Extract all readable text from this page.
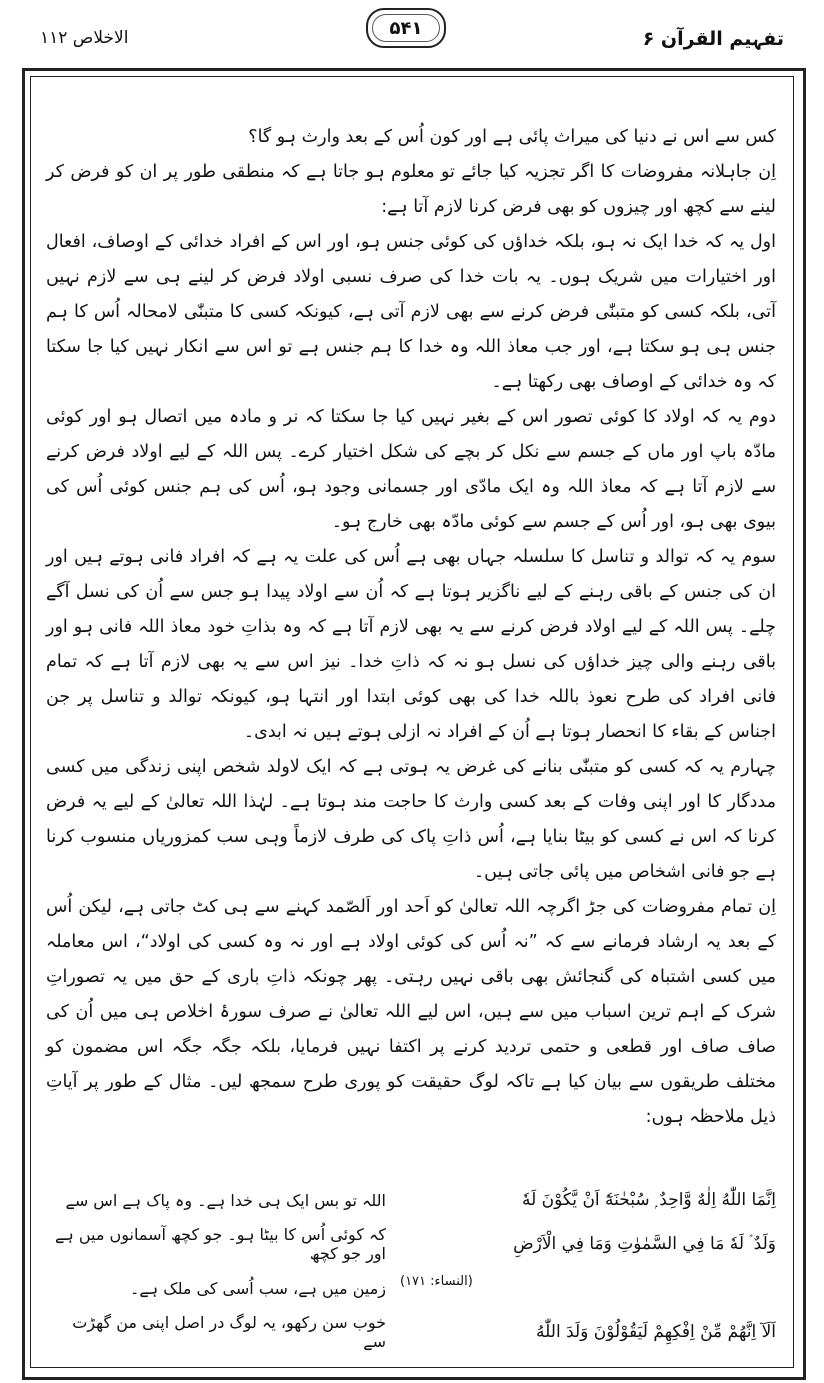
الاخلاص ۱۱۲	۵۴۱	تفہیم القرآن ۶

کس سے اس نے دنیا کی میراث پائی ہے اور کون اُس کے بعد وارث ہو گا؟

اِن جاہلانہ مفروضات کا اگر تجزیہ کیا جائے تو معلوم ہو جاتا ہے کہ منطقی طور پر ان کو فرض کر لینے سے کچھ اور چیزوں کو بھی فرض کرنا لازم آتا ہے:

اول یہ کہ خدا ایک نہ ہو، بلکہ خداؤں کی کوئی جنس ہو، اور اس کے افراد خدائی کے اوصاف، افعال اور اختیارات میں شریک ہوں۔ یہ بات خدا کی صرف نسبی اولاد فرض کر لینے ہی سے لازم نہیں آتی، بلکہ کسی کو متبنّٰی فرض کرنے سے بھی لازم آتی ہے، کیونکہ کسی کا متبنّٰی لامحالہ اُس کا ہم جنس ہی ہو سکتا ہے، اور جب معاذ اللہ وہ خدا کا ہم جنس ہے تو اس سے انکار نہیں کیا جا سکتا کہ وہ خدائی کے اوصاف بھی رکھتا ہے۔

دوم یہ کہ اولاد کا کوئی تصور اس کے بغیر نہیں کیا جا سکتا کہ نر و مادہ میں اتصال ہو اور کوئی مادّہ باپ اور ماں کے جسم سے نکل کر بچے کی شکل اختیار کرے۔ پس اللہ کے لیے اولاد فرض کرنے سے لازم آتا ہے کہ معاذ اللہ وہ ایک مادّی اور جسمانی وجود ہو، اُس کی ہم جنس کوئی اُس کی بیوی بھی ہو، اور اُس کے جسم سے کوئی مادّہ بھی خارج ہو۔

سوم یہ کہ توالد و تناسل کا سلسلہ جہاں بھی ہے اُس کی علت یہ ہے کہ افراد فانی ہوتے ہیں اور ان کی جنس کے باقی رہنے کے لیے ناگزیر ہوتا ہے کہ اُن سے اولاد پیدا ہو جس سے اُن کی نسل آگے چلے۔ پس اللہ کے لیے اولاد فرض کرنے سے یہ بھی لازم آتا ہے کہ وہ بذاتِ خود معاذ اللہ فانی ہو اور باقی رہنے والی چیز خداؤں کی نسل ہو نہ کہ ذاتِ خدا۔ نیز اس سے یہ بھی لازم آتا ہے کہ تمام فانی افراد کی طرح نعوذ باللہ خدا کی بھی کوئی ابتدا اور انتہا ہو، کیونکہ توالد و تناسل پر جن اجناس کے بقاء کا انحصار ہوتا ہے اُن کے افراد نہ ازلی ہوتے ہیں نہ ابدی۔

چہارم یہ کہ کسی کو متبنّٰی بنانے کی غرض یہ ہوتی ہے کہ ایک لاولد شخص اپنی زندگی میں کسی مددگار کا اور اپنی وفات کے بعد کسی وارث کا حاجت مند ہوتا ہے۔ لہٰذا اللہ تعالیٰ کے لیے یہ فرض کرنا کہ اس نے کسی کو بیٹا بنایا ہے، اُس ذاتِ پاک کی طرف لازماً وہی سب کمزوریاں منسوب کرنا ہے جو فانی اشخاص میں پائی جاتی ہیں۔

اِن تمام مفروضات کی جڑ اگرچہ اللہ تعالیٰ کو اَحد اور اَلصّمد کہنے سے ہی کٹ جاتی ہے، لیکن اُس کے بعد یہ ارشاد فرمانے سے کہ ”نہ اُس کی کوئی اولاد ہے اور نہ وہ کسی کی اولاد“، اس معاملہ میں کسی اشتباہ کی گنجائش بھی باقی نہیں رہتی۔ پھر چونکہ ذاتِ باری کے حق میں یہ تصوراتِ شرک کے اہم ترین اسباب میں سے ہیں، اس لیے اللہ تعالیٰ نے صرف سورۂ اخلاص ہی میں اُن کی صاف صاف اور قطعی و حتمی تردید کرنے پر اکتفا نہیں فرمایا، بلکہ جگہ جگہ اس مضمون کو مختلف طریقوں سے بیان کیا ہے تاکہ لوگ حقیقت کو پوری طرح سمجھ لیں۔ مثال کے طور پر آیاتِ ذیل ملاحظہ ہوں:

اِنَّمَا اللّٰهُ اِلٰهٌ وَّاحِدٌ ۭ سُبْحٰنَهٗٓ اَنْ يَّكُوْنَ لَهٗ
اللہ تو بس ایک ہی خدا ہے۔ وہ پاک ہے اس سے
وَلَدٌ ۘ لَهٗ مَا فِي السَّمٰوٰتِ وَمَا فِي الْاَرْضِ
کہ کوئی اُس کا بیٹا ہو۔ جو کچھ آسمانوں میں ہے اور جو کچھ
زمین میں ہے، سب اُسی کی ملک ہے۔
اَلَآ اِنَّهُمْ مِّنْ اِفْكِهِمْ لَيَقُوْلُوْنَ وَلَدَ اللّٰهُ
خوب سن رکھو، یہ لوگ در اصل اپنی من گھڑت سے
(النساء: ۱۷۱)
